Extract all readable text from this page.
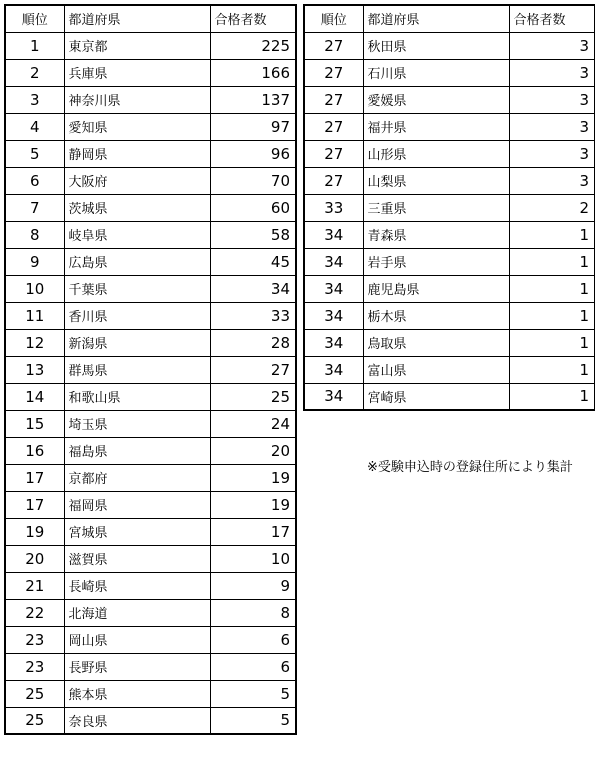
順位	都道府県	合格者数
1	東京都	225
2	兵庫県	166
3	神奈川県	137
4	愛知県	97
5	静岡県	96
6	大阪府	70
7	茨城県	60
8	岐阜県	58
9	広島県	45
10	千葉県	34
11	香川県	33
12	新潟県	28
13	群馬県	27
14	和歌山県	25
15	埼玉県	24
16	福島県	20
17	京都府	19
17	福岡県	19
19	宮城県	17
20	滋賀県	10
21	長崎県	9
22	北海道	8
23	岡山県	6
23	長野県	6
25	熊本県	5
25	奈良県	5
順位	都道府県	合格者数
27	秋田県	3
27	石川県	3
27	愛媛県	3
27	福井県	3
27	山形県	3
27	山梨県	3
33	三重県	2
34	青森県	1
34	岩手県	1
34	鹿児島県	1
34	栃木県	1
34	鳥取県	1
34	富山県	1
34	宮崎県	1
※受験申込時の登録住所により集計
